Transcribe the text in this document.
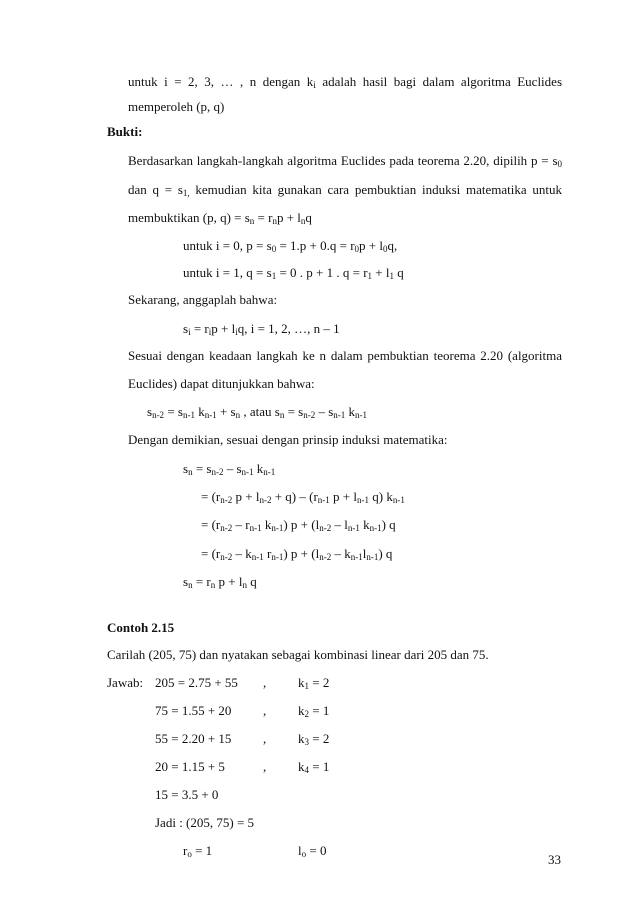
untuk i = 2, 3, … , n dengan $k_i$ adalah hasil bagi dalam algoritma Euclides
memperoleh (p, q)
Bukti:
Berdasarkan langkah-langkah algoritma Euclides pada teorema 2.20, dipilih $p = s_0$
dan $q = s_{1,}$ kemudian kita gunakan cara pembuktian induksi matematika untuk
membuktikan (p, $q) = s_n = r_np + l_nq$
untuk i = 0, $p = s_0 = 1.p + 0.q = r_0p + l_0q$,
untuk i = 1, $q = s_1 = 0$ . p + 1 . $q = r_1 + l_1$ q
Sekarang, anggaplah bahwa:
$s_i = r_ip + l_iq$, i = 1, 2, …, n – 1
Sesuai dengan keadaan langkah ke n dalam pembuktian teorema 2.20 (algoritma
Euclides) dapat ditunjukkan bahwa:
$s_{n-2} = s_{n-1}$ $k_{n-1} + s_n$ , atau $s_n = s_{n-2} - s_{n-1}$ $k_{n-1}$
Dengan demikian, sesuai dengan prinsip induksi matematika:
$s_n = s_{n-2} - s_{n-1}$ $k_{n-1}$
= ($r_{n-2}$ $p + l_{n-2} + q) - (r_{n-1}$ $p + l_{n-1}$ q) $k_{n-1}$
= ($r_{n-2} - r_{n-1}$ $k_{n-1}$) $p + (l_{n-2} - l_{n-1}$ $k_{n-1}$) q
= ($r_{n-2} - k_{n-1}$ $r_{n-1}$) $p + (l_{n-2} - k_{n-1}l_{n-1})$ q
$s_n = r_n$ $p + l_n$ q
Contoh 2.15
Carilah (205, 75) dan nyatakan sebagai kombinasi linear dari 205 dan 75.
Jawab: 205 = 2.75 + 55 , $k_1 = 2$
75 = 1.55 + 20 , $k_2 = 1$
55 = 2.20 + 15 , $k_3 = 2$
20 = 1.15 + 5	, $k_4 = 1$
15 = 3.5 + 0
Jadi : (205, 75) = 5
$r_o = 1$	$l_o = 0$
33
